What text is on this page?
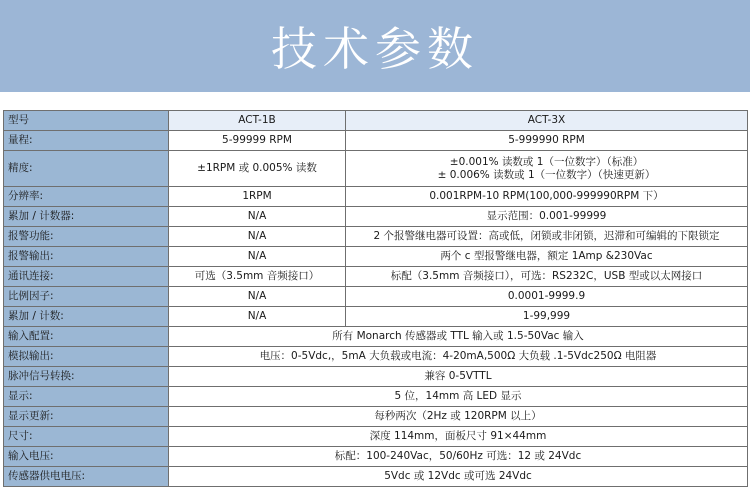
技术参数
型号	ACT-1B	ACT-3X
量程:	5-99999 RPM	5-999990 RPM
精度:	±1RPM 或 0.005% 读数	±0.001% 读数或 1（一位数字）（标准）
± 0.006% 读数或 1（一位数字）（快速更新）

分辨率:	1RPM	0.001RPM-10 RPM(100,000-999990RPM 下）
累加 / 计数器:	N/A	显示范围：0.001-99999
报警功能:	N/A	2 个报警继电器可设置：高或低，闭锁或非闭锁，迟滞和可编辑的下限锁定
报警输出:	N/A	两个 c 型报警继电器，额定 1Amp &230Vac
通讯连接:	可选（3.5mm 音频接口）	标配（3.5mm 音频接口），可选：RS232C，USB 型或以太网接口
比例因子:	N/A	0.0001-9999.9
累加 / 计数:	N/A	1-99,999
输入配置:	所有 Monarch 传感器或 TTL 输入或 1.5-50Vac 输入	
模拟输出:	电压：0-5Vdc,，5mA 大负载或电流：4-20mA,500Ω 大负载 .1-5Vdc250Ω 电阻器	
脉冲信号转换:	兼容 0-5VTTL	
显示:	5 位，14mm 高 LED 显示	
显示更新:	每秒两次（2Hz 或 120RPM 以上）	
尺寸:	深度 114mm，面板尺寸 91×44mm	
输入电压:	标配：100-240Vac，50/60Hz 可选：12 或 24Vdc	
传感器供电电压:	5Vdc 或 12Vdc 或可选 24Vdc	
